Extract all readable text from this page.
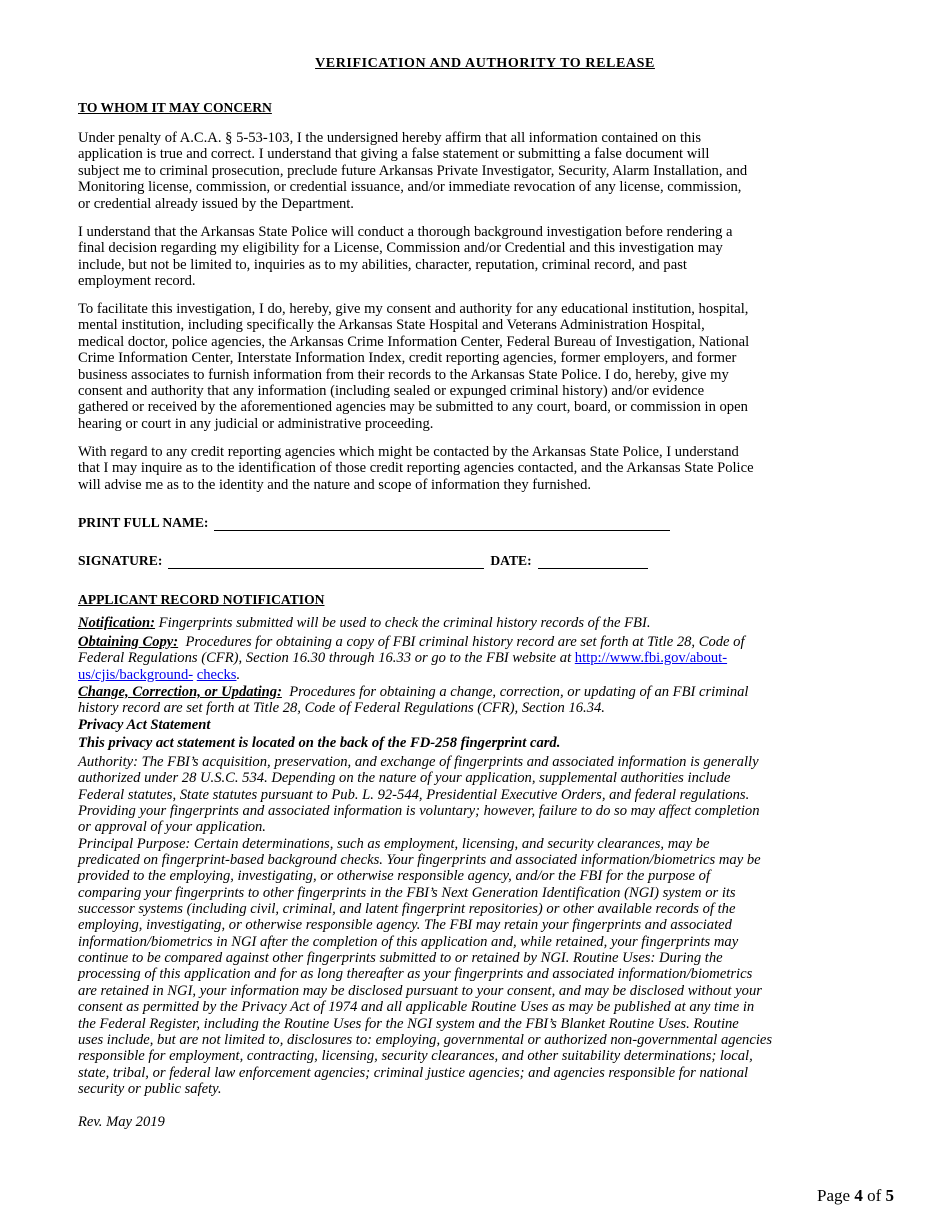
VERIFICATION AND AUTHORITY TO RELEASE
TO WHOM IT MAY CONCERN
Under penalty of A.C.A. § 5-53-103, I the undersigned hereby affirm that all information contained on this
application is true and correct. I understand that giving a false statement or submitting a false document will
subject me to criminal prosecution, preclude future Arkansas Private Investigator, Security, Alarm Installation, and
Monitoring license, commission, or credential issuance, and/or immediate revocation of any license, commission,
or credential already issued by the Department.
I understand that the Arkansas State Police will conduct a thorough background investigation before rendering a
final decision regarding my eligibility for a License, Commission and/or Credential and this investigation may
include, but not be limited to, inquiries as to my abilities, character, reputation, criminal record, and past
employment record.
To facilitate this investigation, I do, hereby, give my consent and authority for any educational institution, hospital,
mental institution, including specifically the Arkansas State Hospital and Veterans Administration Hospital,
medical doctor, police agencies, the Arkansas Crime Information Center, Federal Bureau of Investigation, National
Crime Information Center, Interstate Information Index, credit reporting agencies, former employers, and former
business associates to furnish information from their records to the Arkansas State Police. I do, hereby, give my
consent and authority that any information (including sealed or expunged criminal history) and/or evidence
gathered or received by the aforementioned agencies may be submitted to any court, board, or commission in open
hearing or court in any judicial or administrative proceeding.
With regard to any credit reporting agencies which might be contacted by the Arkansas State Police, I understand
that I may inquire as to the identification of those credit reporting agencies contacted, and the Arkansas State Police
will advise me as to the identity and the nature and scope of information they furnished.
PRINT FULL NAME:
SIGNATURE:	DATE:
APPLICANT RECORD NOTIFICATION
Notification: Fingerprints submitted will be used to check the criminal history records of the FBI.
Obtaining Copy:  Procedures for obtaining a copy of FBI criminal history record are set forth at Title 28, Code of
Federal Regulations (CFR), Section 16.30 through 16.33 or go to the FBI website at http://www.fbi.gov/about-
us/cjis/background- checks.
Change, Correction, or Updating:  Procedures for obtaining a change, correction, or updating of an FBI criminal
history record are set forth at Title 28, Code of Federal Regulations (CFR), Section 16.34.
Privacy Act Statement
This privacy act statement is located on the back of the FD-258 fingerprint card.
Authority: The FBI’s acquisition, preservation, and exchange of fingerprints and associated information is generally
authorized under 28 U.S.C. 534. Depending on the nature of your application, supplemental authorities include
Federal statutes, State statutes pursuant to Pub. L. 92-544, Presidential Executive Orders, and federal regulations.
Providing your fingerprints and associated information is voluntary; however, failure to do so may affect completion
or approval of your application.
Principal Purpose: Certain determinations, such as employment, licensing, and security clearances, may be
predicated on fingerprint-based background checks. Your fingerprints and associated information/biometrics may be
provided to the employing, investigating, or otherwise responsible agency, and/or the FBI for the purpose of
comparing your fingerprints to other fingerprints in the FBI’s Next Generation Identification (NGI) system or its
successor systems (including civil, criminal, and latent fingerprint repositories) or other available records of the
employing, investigating, or otherwise responsible agency. The FBI may retain your fingerprints and associated
information/biometrics in NGI after the completion of this application and, while retained, your fingerprints may
continue to be compared against other fingerprints submitted to or retained by NGI. Routine Uses: During the
processing of this application and for as long thereafter as your fingerprints and associated information/biometrics
are retained in NGI, your information may be disclosed pursuant to your consent, and may be disclosed without your
consent as permitted by the Privacy Act of 1974 and all applicable Routine Uses as may be published at any time in
the Federal Register, including the Routine Uses for the NGI system and the FBI’s Blanket Routine Uses. Routine
uses include, but are not limited to, disclosures to: employing, governmental or authorized non-governmental agencies
responsible for employment, contracting, licensing, security clearances, and other suitability determinations; local,
state, tribal, or federal law enforcement agencies; criminal justice agencies; and agencies responsible for national
security or public safety.
Rev. May 2019
Page 4 of 5
